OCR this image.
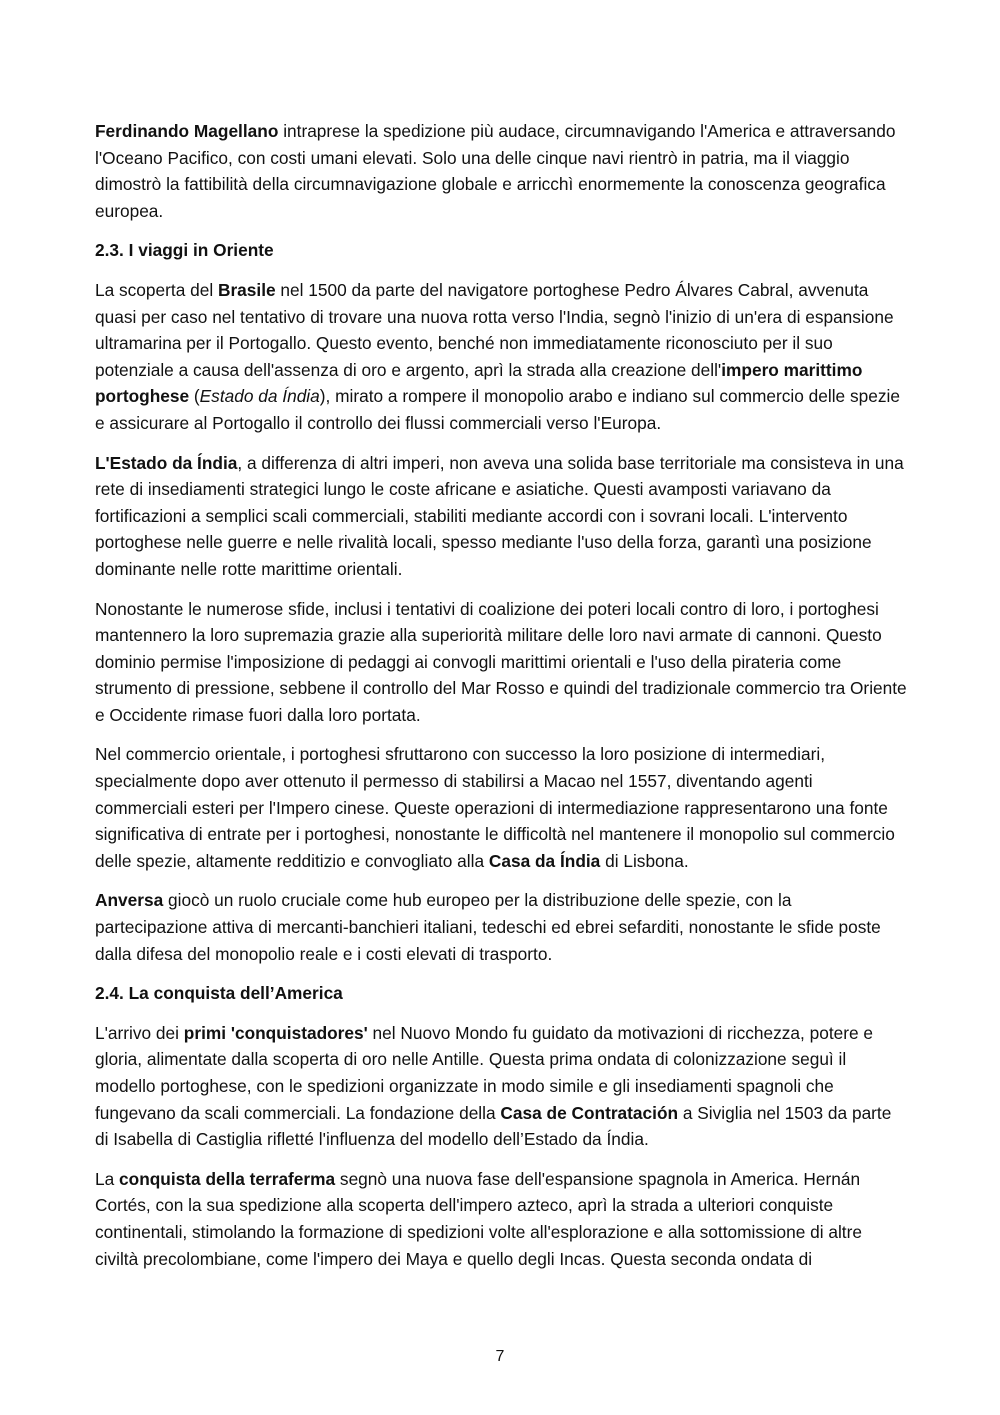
Ferdinando Magellano intraprese la spedizione più audace, circumnavigando l'America e attraversando l'Oceano Pacifico, con costi umani elevati. Solo una delle cinque navi rientrò in patria, ma il viaggio dimostrò la fattibilità della circumnavigazione globale e arricchì enormemente la conoscenza geografica europea.

2.3. I viaggi in Oriente

La scoperta del Brasile nel 1500 da parte del navigatore portoghese Pedro Álvares Cabral, avvenuta quasi per caso nel tentativo di trovare una nuova rotta verso l'India, segnò l'inizio di un'era di espansione ultramarina per il Portogallo. Questo evento, benché non immediatamente riconosciuto per il suo potenziale a causa dell'assenza di oro e argento, aprì la strada alla creazione dell'impero marittimo portoghese (Estado da Índia), mirato a rompere il monopolio arabo e indiano sul commercio delle spezie e assicurare al Portogallo il controllo dei flussi commerciali verso l'Europa.

L'Estado da Índia, a differenza di altri imperi, non aveva una solida base territoriale ma consisteva in una rete di insediamenti strategici lungo le coste africane e asiatiche. Questi avamposti variavano da fortificazioni a semplici scali commerciali, stabiliti mediante accordi con i sovrani locali. L'intervento portoghese nelle guerre e nelle rivalità locali, spesso mediante l'uso della forza, garantì una posizione dominante nelle rotte marittime orientali.

Nonostante le numerose sfide, inclusi i tentativi di coalizione dei poteri locali contro di loro, i portoghesi mantennero la loro supremazia grazie alla superiorità militare delle loro navi armate di cannoni. Questo dominio permise l'imposizione di pedaggi ai convogli marittimi orientali e l'uso della pirateria come strumento di pressione, sebbene il controllo del Mar Rosso e quindi del tradizionale commercio tra Oriente e Occidente rimase fuori dalla loro portata.

Nel commercio orientale, i portoghesi sfruttarono con successo la loro posizione di intermediari, specialmente dopo aver ottenuto il permesso di stabilirsi a Macao nel 1557, diventando agenti commerciali esteri per l'Impero cinese. Queste operazioni di intermediazione rappresentarono una fonte significativa di entrate per i portoghesi, nonostante le difficoltà nel mantenere il monopolio sul commercio delle spezie, altamente redditizio e convogliato alla Casa da Índia di Lisbona.

Anversa giocò un ruolo cruciale come hub europeo per la distribuzione delle spezie, con la partecipazione attiva di mercanti-banchieri italiani, tedeschi ed ebrei sefarditi, nonostante le sfide poste dalla difesa del monopolio reale e i costi elevati di trasporto.

2.4. La conquista dell’America

L'arrivo dei primi 'conquistadores' nel Nuovo Mondo fu guidato da motivazioni di ricchezza, potere e gloria, alimentate dalla scoperta di oro nelle Antille. Questa prima ondata di colonizzazione seguì il modello portoghese, con le spedizioni organizzate in modo simile e gli insediamenti spagnoli che fungevano da scali commerciali. La fondazione della Casa de Contratación a Siviglia nel 1503 da parte di Isabella di Castiglia rifletté l'influenza del modello dell’Estado da Índia.

La conquista della terraferma segnò una nuova fase dell'espansione spagnola in America. Hernán Cortés, con la sua spedizione alla scoperta dell'impero azteco, aprì la strada a ulteriori conquiste continentali, stimolando la formazione di spedizioni volte all'esplorazione e alla sottomissione di altre civiltà precolombiane, come l'impero dei Maya e quello degli Incas. Questa seconda ondata di

7
